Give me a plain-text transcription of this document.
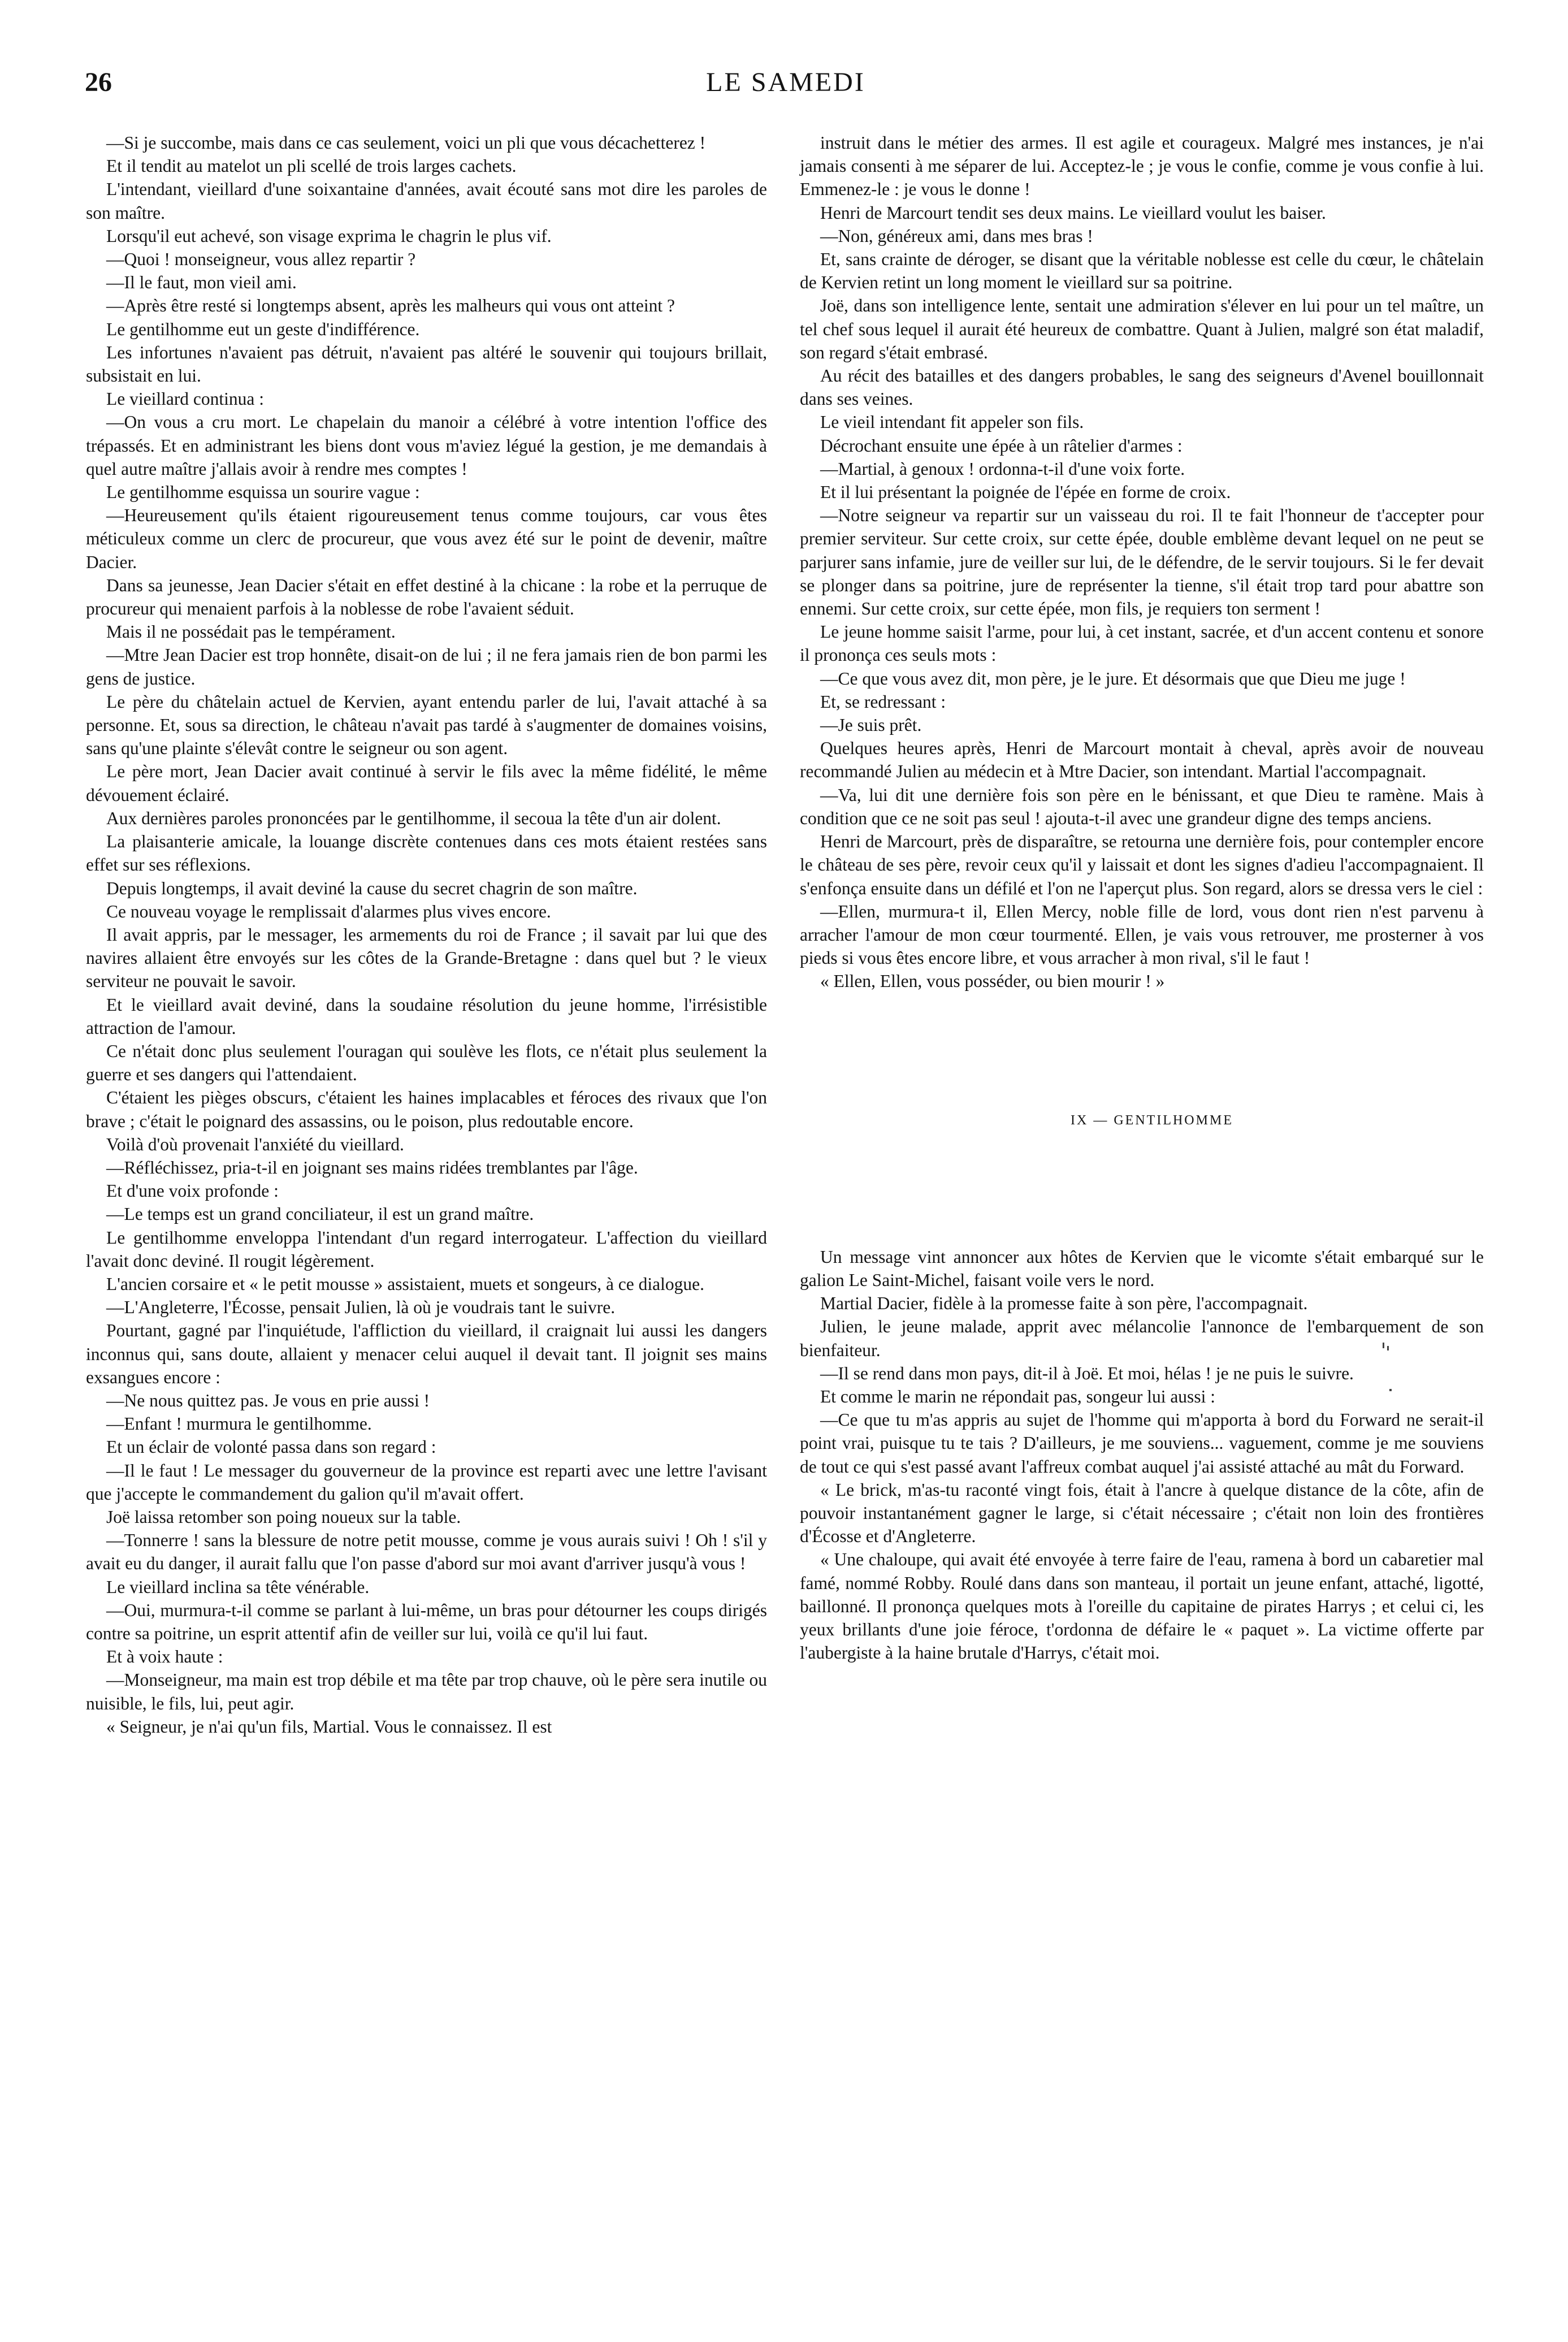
26	LE SAMEDI

—Si je succombe, mais dans ce cas seulement, voici un pli que vous décachetterez !

Et il tendit au matelot un pli scellé de trois larges cachets.

L'intendant, vieillard d'une soixantaine d'années, avait écouté sans mot dire les paroles de son maître.

Lorsqu'il eut achevé, son visage exprima le chagrin le plus vif.

—Quoi ! monseigneur, vous allez repartir ?

—Il le faut, mon vieil ami.

—Après être resté si longtemps absent, après les malheurs qui vous ont atteint ?

Le gentilhomme eut un geste d'indifférence.

Les infortunes n'avaient pas détruit, n'avaient pas altéré le souvenir qui toujours brillait, subsistait en lui.

Le vieillard continua :

—On vous a cru mort. Le chapelain du manoir a célébré à votre intention l'office des trépassés. Et en administrant les biens dont vous m'aviez légué la gestion, je me demandais à quel autre maître j'allais avoir à rendre mes comptes !

Le gentilhomme esquissa un sourire vague :

—Heureusement qu'ils étaient rigoureusement tenus comme toujours, car vous êtes méticuleux comme un clerc de procureur, que vous avez été sur le point de devenir, maître Dacier.

Dans sa jeunesse, Jean Dacier s'était en effet destiné à la chicane : la robe et la perruque de procureur qui menaient parfois à la noblesse de robe l'avaient séduit.

Mais il ne possédait pas le tempérament.

—Mtre Jean Dacier est trop honnête, disait-on de lui ; il ne fera jamais rien de bon parmi les gens de justice.

Le père du châtelain actuel de Kervien, ayant entendu parler de lui, l'avait attaché à sa personne. Et, sous sa direction, le château n'avait pas tardé à s'augmenter de domaines voisins, sans qu'une plainte s'élevât contre le seigneur ou son agent.

Le père mort, Jean Dacier avait continué à servir le fils avec la même fidélité, le même dévouement éclairé.

Aux dernières paroles prononcées par le gentilhomme, il secoua la tête d'un air dolent.

La plaisanterie amicale, la louange discrète contenues dans ces mots étaient restées sans effet sur ses réflexions.

Depuis longtemps, il avait deviné la cause du secret chagrin de son maître.

Ce nouveau voyage le remplissait d'alarmes plus vives encore.

Il avait appris, par le messager, les armements du roi de France ; il savait par lui que des navires allaient être envoyés sur les côtes de la Grande-Bretagne : dans quel but ? le vieux serviteur ne pouvait le savoir.

Et le vieillard avait deviné, dans la soudaine résolution du jeune homme, l'irrésistible attraction de l'amour.

Ce n'était donc plus seulement l'ouragan qui soulève les flots, ce n'était plus seulement la guerre et ses dangers qui l'attendaient.

C'étaient les pièges obscurs, c'étaient les haines implacables et féroces des rivaux que l'on brave ; c'était le poignard des assassins, ou le poison, plus redoutable encore.

Voilà d'où provenait l'anxiété du vieillard.

—Réfléchissez, pria-t-il en joignant ses mains ridées tremblantes par l'âge.

Et d'une voix profonde :

—Le temps est un grand conciliateur, il est un grand maître.

Le gentilhomme enveloppa l'intendant d'un regard interrogateur. L'affection du vieillard l'avait donc deviné. Il rougit légèrement.

L'ancien corsaire et « le petit mousse » assistaient, muets et songeurs, à ce dialogue.

—L'Angleterre, l'Écosse, pensait Julien, là où je voudrais tant le suivre.

Pourtant, gagné par l'inquiétude, l'affliction du vieillard, il craignait lui aussi les dangers inconnus qui, sans doute, allaient y menacer celui auquel il devait tant. Il joignit ses mains exsangues encore :

—Ne nous quittez pas. Je vous en prie aussi !

—Enfant ! murmura le gentilhomme.

Et un éclair de volonté passa dans son regard :

—Il le faut ! Le messager du gouverneur de la province est reparti avec une lettre l'avisant que j'accepte le commandement du galion qu'il m'avait offert.

Joë laissa retomber son poing noueux sur la table.

—Tonnerre ! sans la blessure de notre petit mousse, comme je vous aurais suivi ! Oh ! s'il y avait eu du danger, il aurait fallu que l'on passe d'abord sur moi avant d'arriver jusqu'à vous !

Le vieillard inclina sa tête vénérable.

—Oui, murmura-t-il comme se parlant à lui-même, un bras pour détourner les coups dirigés contre sa poitrine, un esprit attentif afin de veiller sur lui, voilà ce qu'il lui faut.

Et à voix haute :

—Monseigneur, ma main est trop débile et ma tête par trop chauve, où le père sera inutile ou nuisible, le fils, lui, peut agir.

« Seigneur, je n'ai qu'un fils, Martial. Vous le connaissez. Il est

instruit dans le métier des armes. Il est agile et courageux. Malgré mes instances, je n'ai jamais consenti à me séparer de lui. Acceptez-le ; je vous le confie, comme je vous confie à lui. Emmenez-le : je vous le donne !

Henri de Marcourt tendit ses deux mains. Le vieillard voulut les baiser.

—Non, généreux ami, dans mes bras !

Et, sans crainte de déroger, se disant que la véritable noblesse est celle du cœur, le châtelain de Kervien retint un long moment le vieillard sur sa poitrine.

Joë, dans son intelligence lente, sentait une admiration s'élever en lui pour un tel maître, un tel chef sous lequel il aurait été heureux de combattre. Quant à Julien, malgré son état maladif, son regard s'était embrasé.

Au récit des batailles et des dangers probables, le sang des seigneurs d'Avenel bouillonnait dans ses veines.

Le vieil intendant fit appeler son fils.

Décrochant ensuite une épée à un râtelier d'armes :

—Martial, à genoux ! ordonna-t-il d'une voix forte.

Et il lui présentant la poignée de l'épée en forme de croix.

—Notre seigneur va repartir sur un vaisseau du roi. Il te fait l'honneur de t'accepter pour premier serviteur. Sur cette croix, sur cette épée, double emblème devant lequel on ne peut se parjurer sans infamie, jure de veiller sur lui, de le défendre, de le servir toujours. Si le fer devait se plonger dans sa poitrine, jure de représenter la tienne, s'il était trop tard pour abattre son ennemi. Sur cette croix, sur cette épée, mon fils, je requiers ton serment !

Le jeune homme saisit l'arme, pour lui, à cet instant, sacrée, et d'un accent contenu et sonore il prononça ces seuls mots :

—Ce que vous avez dit, mon père, je le jure. Et désormais que que Dieu me juge !

Et, se redressant :

—Je suis prêt.

Quelques heures après, Henri de Marcourt montait à cheval, après avoir de nouveau recommandé Julien au médecin et à Mtre Dacier, son intendant. Martial l'accompagnait.

—Va, lui dit une dernière fois son père en le bénissant, et que Dieu te ramène. Mais à condition que ce ne soit pas seul ! ajouta-t-il avec une grandeur digne des temps anciens.

Henri de Marcourt, près de disparaître, se retourna une dernière fois, pour contempler encore le château de ses père, revoir ceux qu'il y laissait et dont les signes d'adieu l'accompagnaient. Il s'enfonça ensuite dans un défilé et l'on ne l'aperçut plus. Son regard, alors se dressa vers le ciel :

—Ellen, murmura-t il, Ellen Mercy, noble fille de lord, vous dont rien n'est parvenu à arracher l'amour de mon cœur tourmenté. Ellen, je vais vous retrouver, me prosterner à vos pieds si vous êtes encore libre, et vous arracher à mon rival, s'il le faut !

« Ellen, Ellen, vous posséder, ou bien mourir ! »

IX — GENTILHOMME

Un message vint annoncer aux hôtes de Kervien que le vicomte s'était embarqué sur le galion Le Saint-Michel, faisant voile vers le nord.

Martial Dacier, fidèle à la promesse faite à son père, l'accompagnait.

Julien, le jeune malade, apprit avec mélancolie l'annonce de l'embarquement de son bienfaiteur.

—Il se rend dans mon pays, dit-il à Joë. Et moi, hélas ! je ne puis le suivre.

Et comme le marin ne répondait pas, songeur lui aussi :

—Ce que tu m'as appris au sujet de l'homme qui m'apporta à bord du Forward ne serait-il point vrai, puisque tu te tais ? D'ailleurs, je me souviens... vaguement, comme je me souviens de tout ce qui s'est passé avant l'affreux combat auquel j'ai assisté attaché au mât du Forward.

« Le brick, m'as-tu raconté vingt fois, était à l'ancre à quelque distance de la côte, afin de pouvoir instantanément gagner le large, si c'était nécessaire ; c'était non loin des frontières d'Écosse et d'Angleterre.

« Une chaloupe, qui avait été envoyée à terre faire de l'eau, ramena à bord un cabaretier mal famé, nommé Robby. Roulé dans dans son manteau, il portait un jeune enfant, attaché, ligotté, baillonné. Il prononça quelques mots à l'oreille du capitaine de pirates Harrys ; et celui ci, les yeux brillants d'une joie féroce, t'ordonna de défaire le « paquet ». La victime offerte par l'aubergiste à la haine brutale d'Harrys, c'était moi.
